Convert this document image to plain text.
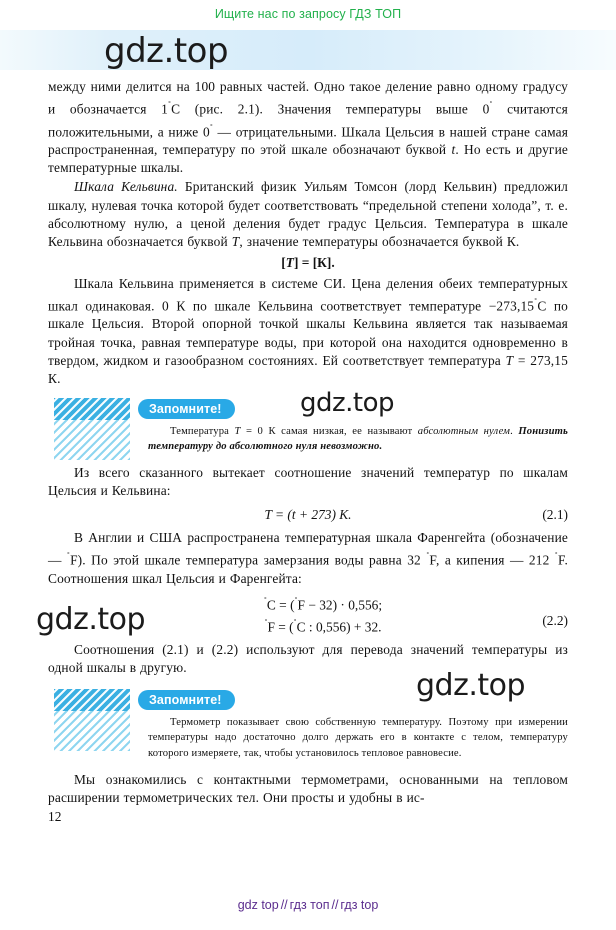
Ищите нас по запросу ГДЗ ТОП
gdz.top
gdz.top
gdz.top
gdz.top

между ними делится на 100 равных частей. Одно такое деление равно одному градусу и обозначается 1˚C (рис. 2.1). Значения температуры выше 0˚ считаются положительными, а ниже 0˚ — отрицательными. Шкала Цельсия в нашей стране самая распространенная, температуру по этой шкале обозначают буквой t. Но есть и другие температурные шкалы.

Шкала Кельвина. Британский физик Уильям Томсон (лорд Кельвин) предложил шкалу, нулевая точка которой будет соответствовать “предельной степени холода”, т. е. абсолютному нулю, а ценой деления будет градус Цельсия. Температура в шкале Кельвина обозначается буквой T, значение температуры обозначается буквой К.

[T] = [К].

Шкала Кельвина применяется в системе СИ. Цена деления обеих температурных шкал одинаковая. 0 К по шкале Кельвина соответствует температуре −273,15˚С по шкале Цельсия. Второй опорной точкой шкалы Кельвина является так называемая тройная точка, равная температуре воды, при которой она находится одновременно в твердом, жидком и газообразном состояниях. Ей соответствует температура T = 273,15 К.

Запомните!
Температура T = 0 К самая низкая, ее называют абсолютным нулем. Понизить температуру до абсолютного нуля невозможно.

Из всего сказанного вытекает соотношение значений температур по шкалам Цельсия и Кельвина:

T = (t + 273) К.	(2.1)

В Англии и США распространена температурная шкала Фаренгейта (обозначение — ˚F). По этой шкале температура замерзания воды равна 32 ˚F, а кипения — 212 ˚F. Соотношения шкал Цельсия и Фаренгейта:

˚C = (˚F − 32) · 0,556;
˚F = (˚C : 0,556) + 32.	(2.2)

Соотношения (2.1) и (2.2) используют для перевода значений температуры из одной шкалы в другую.

Запомните!
Термометр показывает свою собственную температуру. Поэтому при измерении температуры надо достаточно долго держать его в контакте с телом, температуру которого измеряете, так, чтобы установилось тепловое равновесие.

Мы ознакомились с контактными термометрами, основанными на тепловом расширении термометрических тел. Они просты и удобны в ис-

12
gdz top // гдз топ // гдз top
